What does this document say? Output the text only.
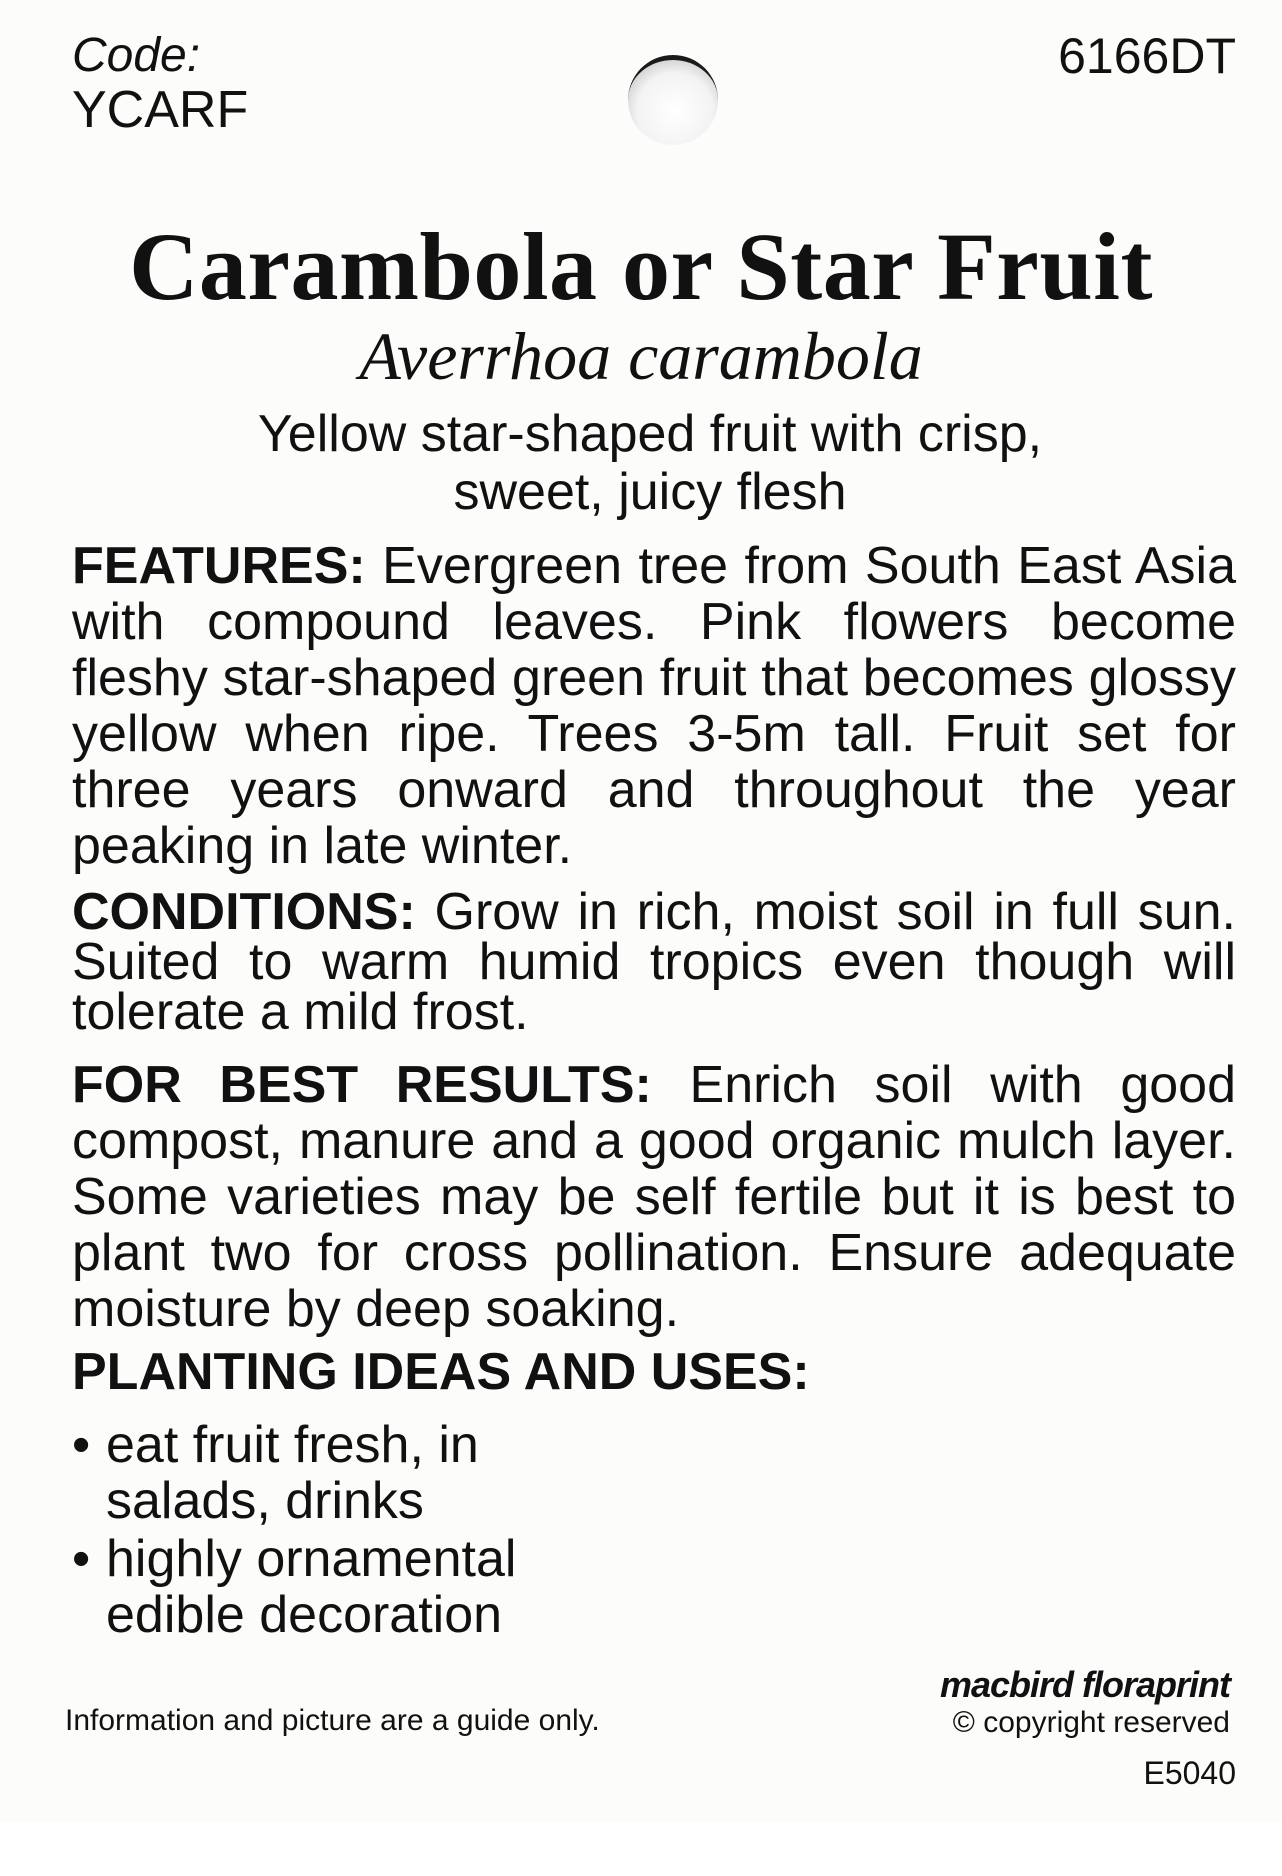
Code:
YCARF
6166DT
Carambola or Star Fruit
Averrhoa carambola
Yellow star-shaped fruit with crisp, sweet, juicy flesh
FEATURES: Evergreen tree from South East Asia with compound leaves. Pink flowers become fleshy star-shaped green fruit that becomes glossy yellow when ripe. Trees 3-5m tall. Fruit set for three years onward and throughout the year peaking in late winter.
CONDITIONS: Grow in rich, moist soil in full sun. Suited to warm humid tropics even though will tolerate a mild frost.
FOR BEST RESULTS: Enrich soil with good compost, manure and a good organic mulch layer. Some varieties may be self fertile but it is best to plant two for cross pollination. Ensure adequate moisture by deep soaking.
PLANTING IDEAS AND USES:
• eat fruit fresh, in salads, drinks
• highly ornamental edible decoration
Information and picture are a guide only.
macbird floraprint
© copyright reserved
E5040
